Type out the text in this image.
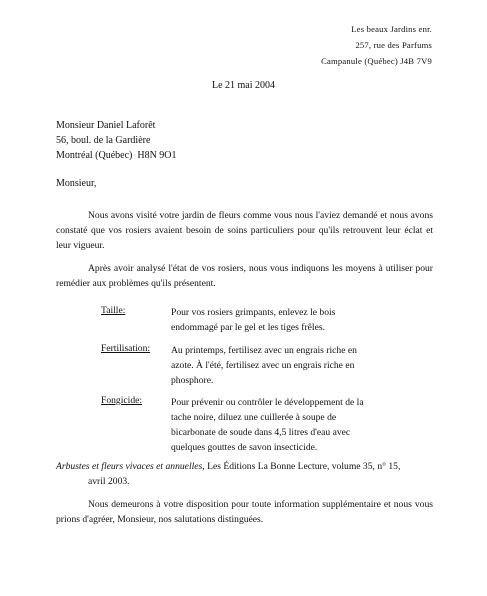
Les beaux Jardins enr.
257, rue des Parfums
Campanule (Québec) J4B 7V9
Le 21 mai 2004
Monsieur Daniel Laforêt
56, boul. de la Gardière
Montréal (Québec)  H8N 9O1
Monsieur,
Nous avons visité votre jardin de fleurs comme vous nous l'aviez demandé et nous avons constaté que vos rosiers avaient besoin de soins particuliers pour qu'ils retrouvent leur éclat et leur vigueur.
Après avoir analysé l'état de vos rosiers, nous vous indiquons les moyens à utiliser pour remédier aux problèmes qu'ils présentent.
Taille:	Pour vos rosiers grimpants, enlevez le bois
endommagé par le gel et les tiges frêles.
Fertilisation: Au printemps, fertilisez avec un engrais riche en
azote. À l'été, fertilisez avec un engrais riche en
phosphore.
Fongicide:	Pour prévenir ou contrôler le développement de la
tache noire, diluez une cuillerée à soupe de
bicarbonate de soude dans 4,5 litres d'eau avec
quelques gouttes de savon insecticide.
Arbustes et fleurs vivaces et annuelles, Les Éditions La Bonne Lecture, volume 35, n° 15,
avril 2003.
Nous demeurons à votre disposition pour toute information supplémentaire et nous vous prions d'agréer, Monsieur, nos salutations distinguées.
